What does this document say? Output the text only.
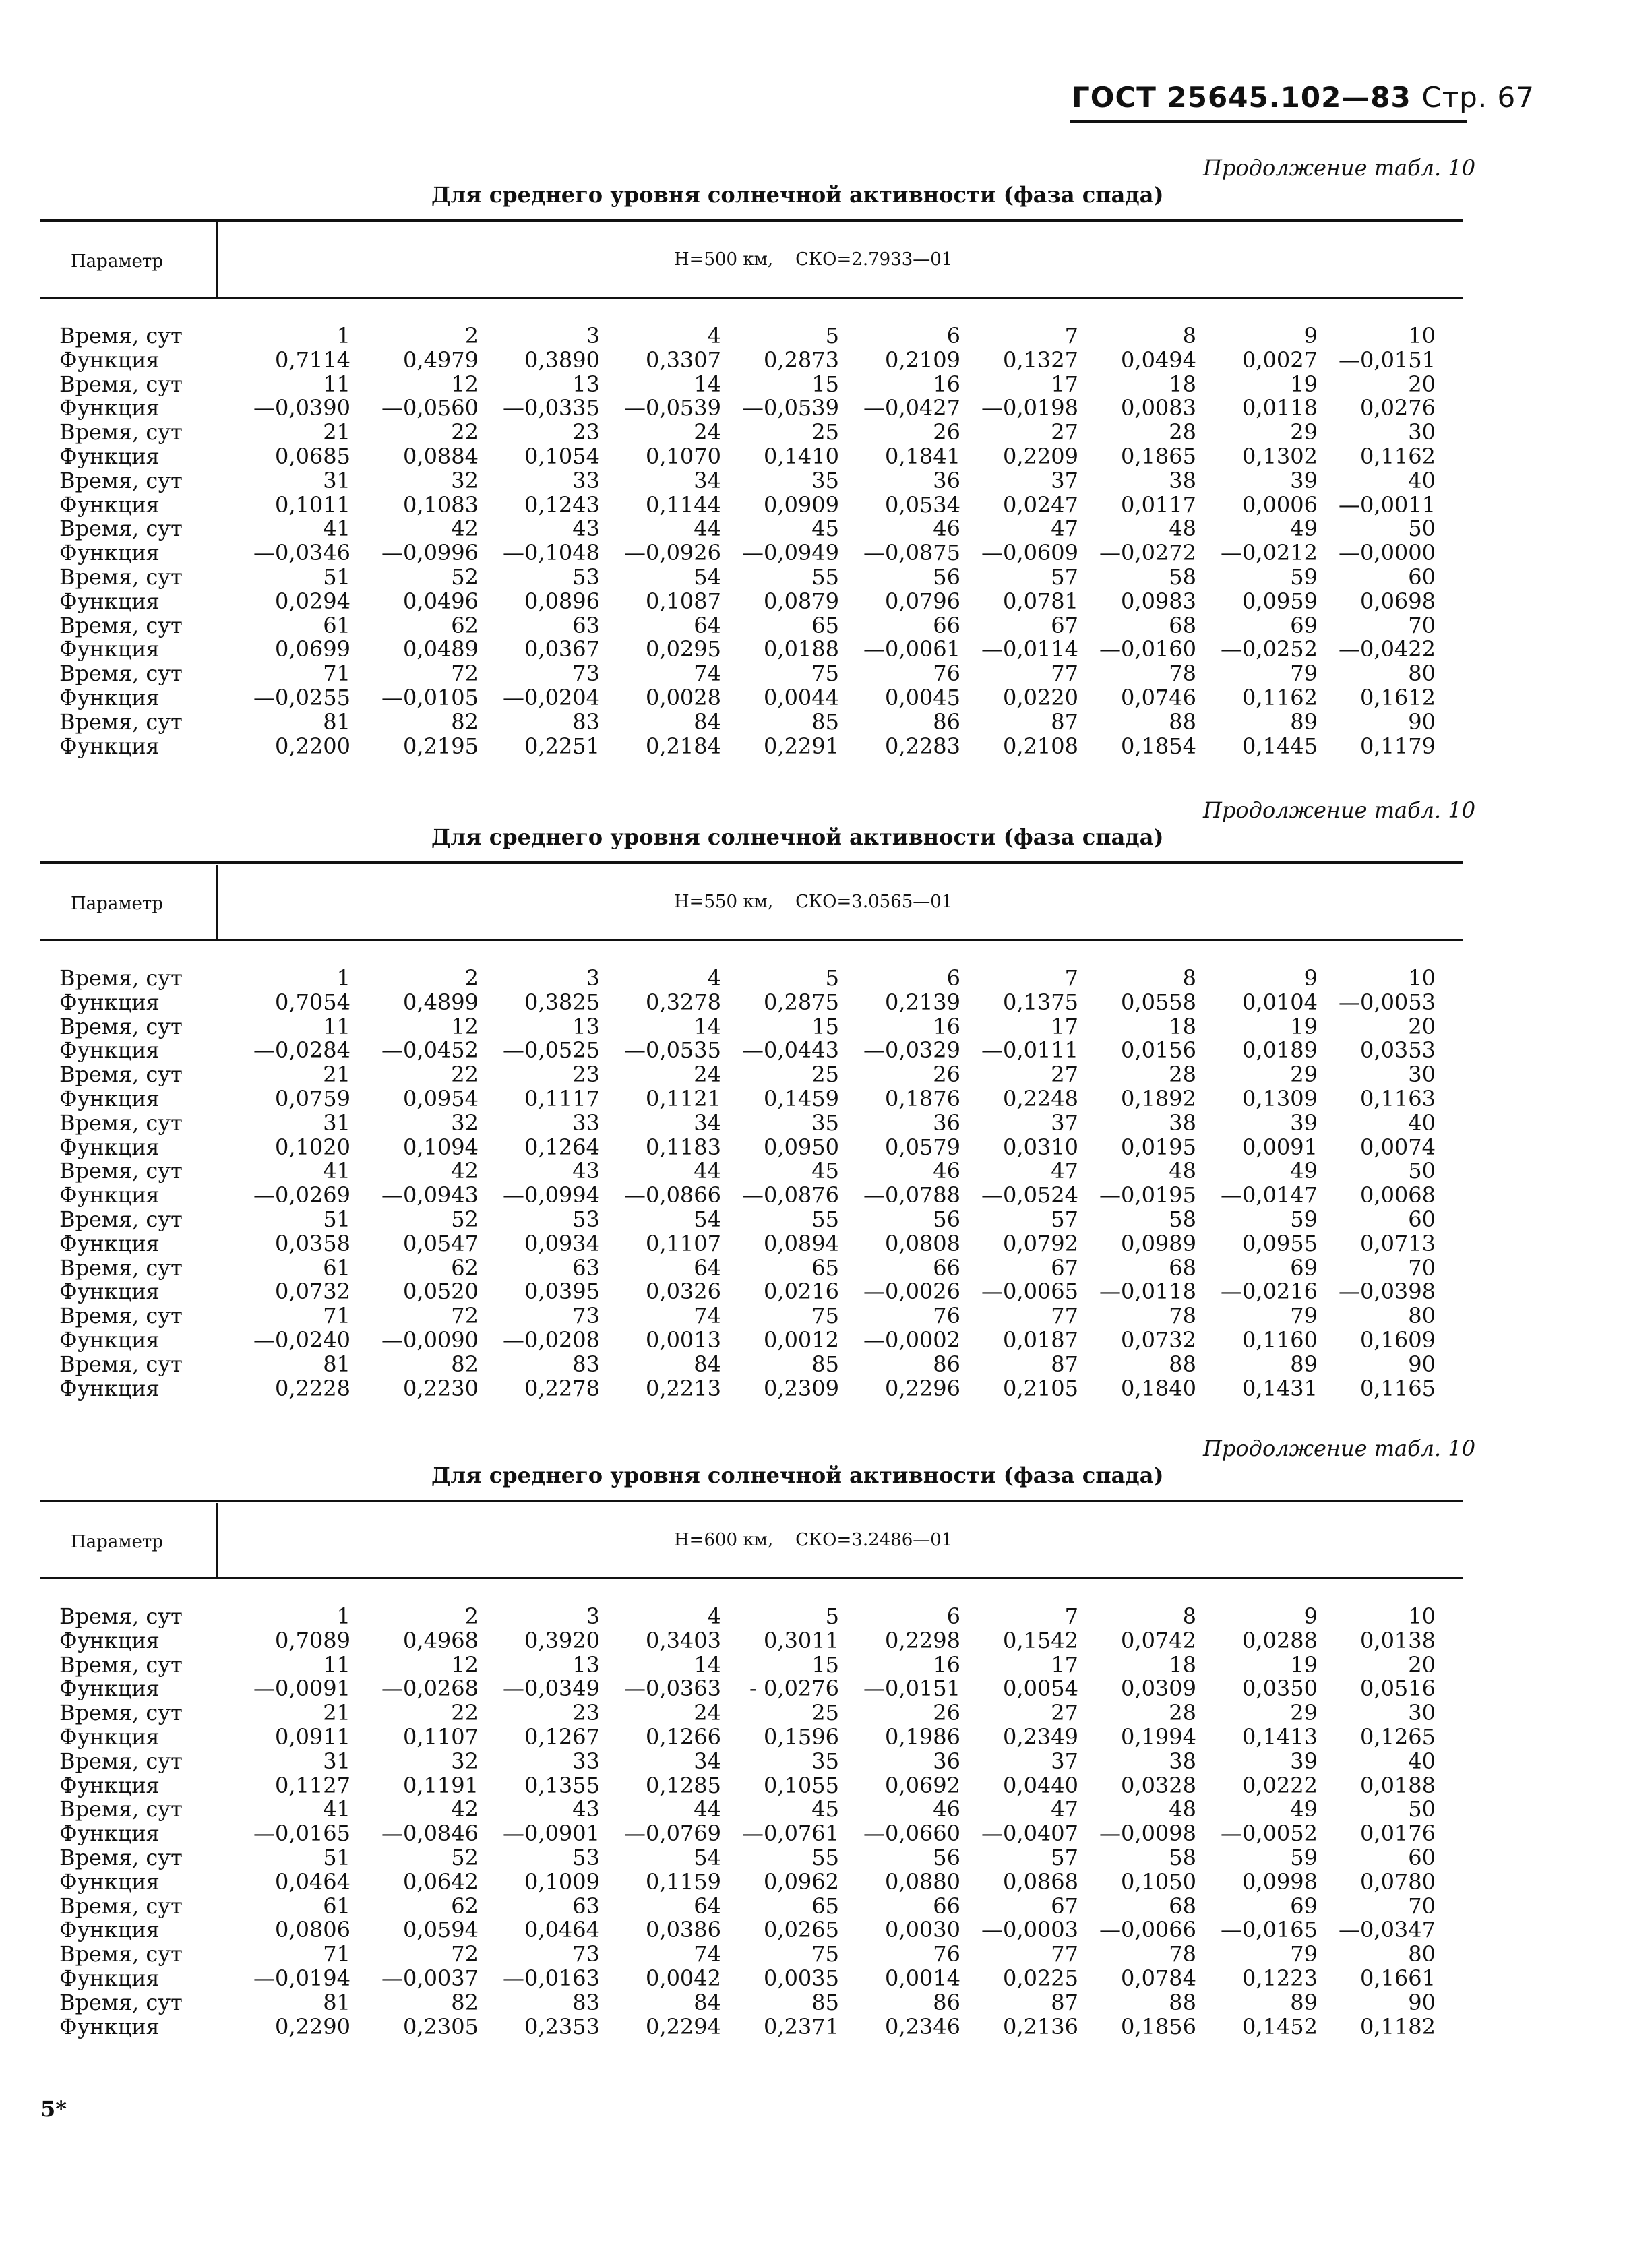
ГОСТ 25645.102—83 Стр. 67
Продолжение табл. 10
Для среднего уровня солнечной активности (фаза спада)
Параметр	H=500 км, СКО=2.7933—01
Время, сут	1	2	3	4	5	6	7	8	9	10
Функция	0,7114	0,4979	0,3890	0,3307	0,2873	0,2109	0,1327	0,0494	0,0027 —0,0151
Время, сут	11	12	13	14	15	16	17	18	19	20
Функция	—0,0390	—0,0560	—0,0335	—0,0539 —0,0539	—0,0427 —0,0198	0,0083	0,0118	0,0276
Время, сут	21	22	23	24	25	26	27	28	29	30
Функция	0,0685	0,0884	0,1054	0,1070	0,1410	0,1841	0,2209	0,1865	0,1302	0,1162
Время, сут	31	32	33	34	35	36	37	38	39	40
Функция	0,1011	0,1083	0,1243	0,1144	0,0909	0,0534	0,0247	0,0117	0,0006 —0,0011
Время, сут	41	42	43	44	45	46	47	48	49	50
Функция	—0,0346	—0,0996	—0,1048	—0,0926 —0,0949	—0,0875 —0,0609 —0,0272	—0,0212 —0,0000
Время, сут	51	52	53	54	55	56	57	58	59	60
Функция	0,0294	0,0496	0,0896	0,1087	0,0879	0,0796	0,0781	0,0983	0,0959	0,0698
Время, сут	61	62	63	64	65	66	67	68	69	70
Функция	0,0699	0,0489	0,0367	0,0295	0,0188	—0,0061 —0,0114 —0,0160	—0,0252 —0,0422
Время, сут	71	72	73	74	75	76	77	78	79	80
Функция	—0,0255	—0,0105	—0,0204	0,0028	0,0044	0,0045	0,0220	0,0746	0,1162	0,1612
Время, сут	81	82	83	84	85	86	87	88	89	90
Функция	0,2200	0,2195	0,2251	0,2184	0,2291	0,2283	0,2108	0,1854	0,1445	0,1179
Продолжение табл. 10
Для среднего уровня солнечной активности (фаза спада)
Параметр	H=550 км, СКО=3.0565—01
Время, сут	1	2	3	4	5	6	7	8	9	10
Функция	0,7054	0,4899	0,3825	0,3278	0,2875	0,2139	0,1375	0,0558	0,0104 —0,0053
Время, сут	11	12	13	14	15	16	17	18	19	20
Функция	—0,0284	—0,0452	—0,0525	—0,0535 —0,0443	—0,0329 —0,0111	0,0156	0,0189	0,0353
Время, сут	21	22	23	24	25	26	27	28	29	30
Функция	0,0759	0,0954	0,1117	0,1121	0,1459	0,1876	0,2248	0,1892	0,1309	0,1163
Время, сут	31	32	33	34	35	36	37	38	39	40
Функция	0,1020	0,1094	0,1264	0,1183	0,0950	0,0579	0,0310	0,0195	0,0091	0,0074
Время, сут	41	42	43	44	45	46	47	48	49	50
Функция	—0,0269	—0,0943	—0,0994	—0,0866 —0,0876	—0,0788 —0,0524 —0,0195	—0,0147	0,0068
Время, сут	51	52	53	54	55	56	57	58	59	60
Функция	0,0358	0,0547	0,0934	0,1107	0,0894	0,0808	0,0792	0,0989	0,0955	0,0713
Время, сут	61	62	63	64	65	66	67	68	69	70
Функция	0,0732	0,0520	0,0395	0,0326	0,0216	—0,0026 —0,0065 —0,0118	—0,0216 —0,0398
Время, сут	71	72	73	74	75	76	77	78	79	80
Функция	—0,0240	—0,0090	—0,0208	0,0013	0,0012	—0,0002	0,0187	0,0732	0,1160	0,1609
Время, сут	81	82	83	84	85	86	87	88	89	90
Функция	0,2228	0,2230	0,2278	0,2213	0,2309	0,2296	0,2105	0,1840	0,1431	0,1165
Продолжение табл. 10
Для среднего уровня солнечной активности (фаза спада)
Параметр	H=600 км, СКО=3.2486—01
Время, сут	1	2	3	4	5	6	7	8	9	10
Функция	0,7089	0,4968	0,3920	0,3403	0,3011	0,2298	0,1542	0,0742	0,0288	0,0138
Время, сут	11	12	13	14	15	16	17	18	19	20
Функция	—0,0091	—0,0268	—0,0349	—0,0363	- 0,0276	—0,0151	0,0054	0,0309	0,0350	0,0516
Время, сут	21	22	23	24	25	26	27	28	29	30
Функция	0,0911	0,1107	0,1267	0,1266	0,1596	0,1986	0,2349	0,1994	0,1413	0,1265
Время, сут	31	32	33	34	35	36	37	38	39	40
Функция	0,1127	0,1191	0,1355	0,1285	0,1055	0,0692	0,0440	0,0328	0,0222	0,0188
Время, сут	41	42	43	44	45	46	47	48	49	50
Функция	—0,0165	—0,0846	—0,0901	—0,0769 —0,0761	—0,0660 —0,0407 —0,0098	—0,0052	0,0176
Время, сут	51	52	53	54	55	56	57	58	59	60
Функция	0,0464	0,0642	0,1009	0,1159	0,0962	0,0880	0,0868	0,1050	0,0998	0,0780
Время, сут	61	62	63	64	65	66	67	68	69	70
Функция	0,0806	0,0594	0,0464	0,0386	0,0265	0,0030 —0,0003 —0,0066	—0,0165 —0,0347
Время, сут	71	72	73	74	75	76	77	78	79	80
Функция	—0,0194	—0,0037	—0,0163	0,0042	0,0035	0,0014	0,0225	0,0784	0,1223	0,1661
Время, сут	81	82	83	84	85	86	87	88	89	90
Функция	0,2290	0,2305	0,2353	0,2294	0,2371	0,2346	0,2136	0,1856	0,1452	0,1182
5*
